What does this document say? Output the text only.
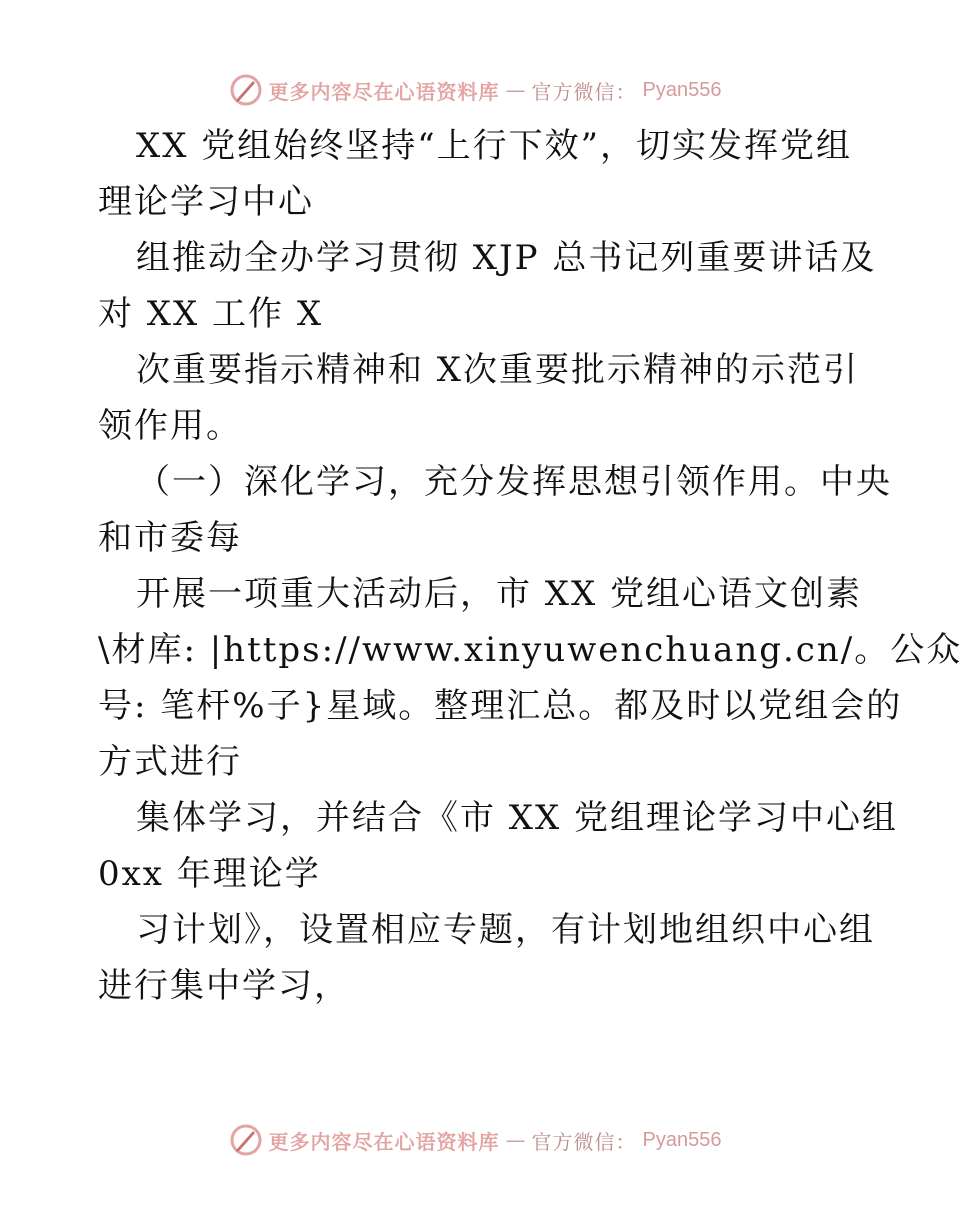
更多内容尽在心语资料库 — 官方微信： Pyan556
XX 党组始终坚持“上行下效”，切实发挥党组
理论学习中心
组推动全办学习贯彻 XJP 总书记列重要讲话及
对 XX 工作 X
次重要指示精神和 X次重要批示精神的示范引
领作用。
（一）深化学习，充分发挥思想引领作用。中央
和市委每
开展一项重大活动后，市 XX 党组心语文创素
\材库: |https://www.xinyuwenchuang.cn/。公众
号: 笔杆%子}星域。整理汇总。都及时以党组会的
方式进行
集体学习，并结合《市 XX 党组理论学习中心组
0xx 年理论学
习计划》，设置相应专题，有计划地组织中心组
进行集中学习，
更多内容尽在心语资料库 — 官方微信： Pyan556
